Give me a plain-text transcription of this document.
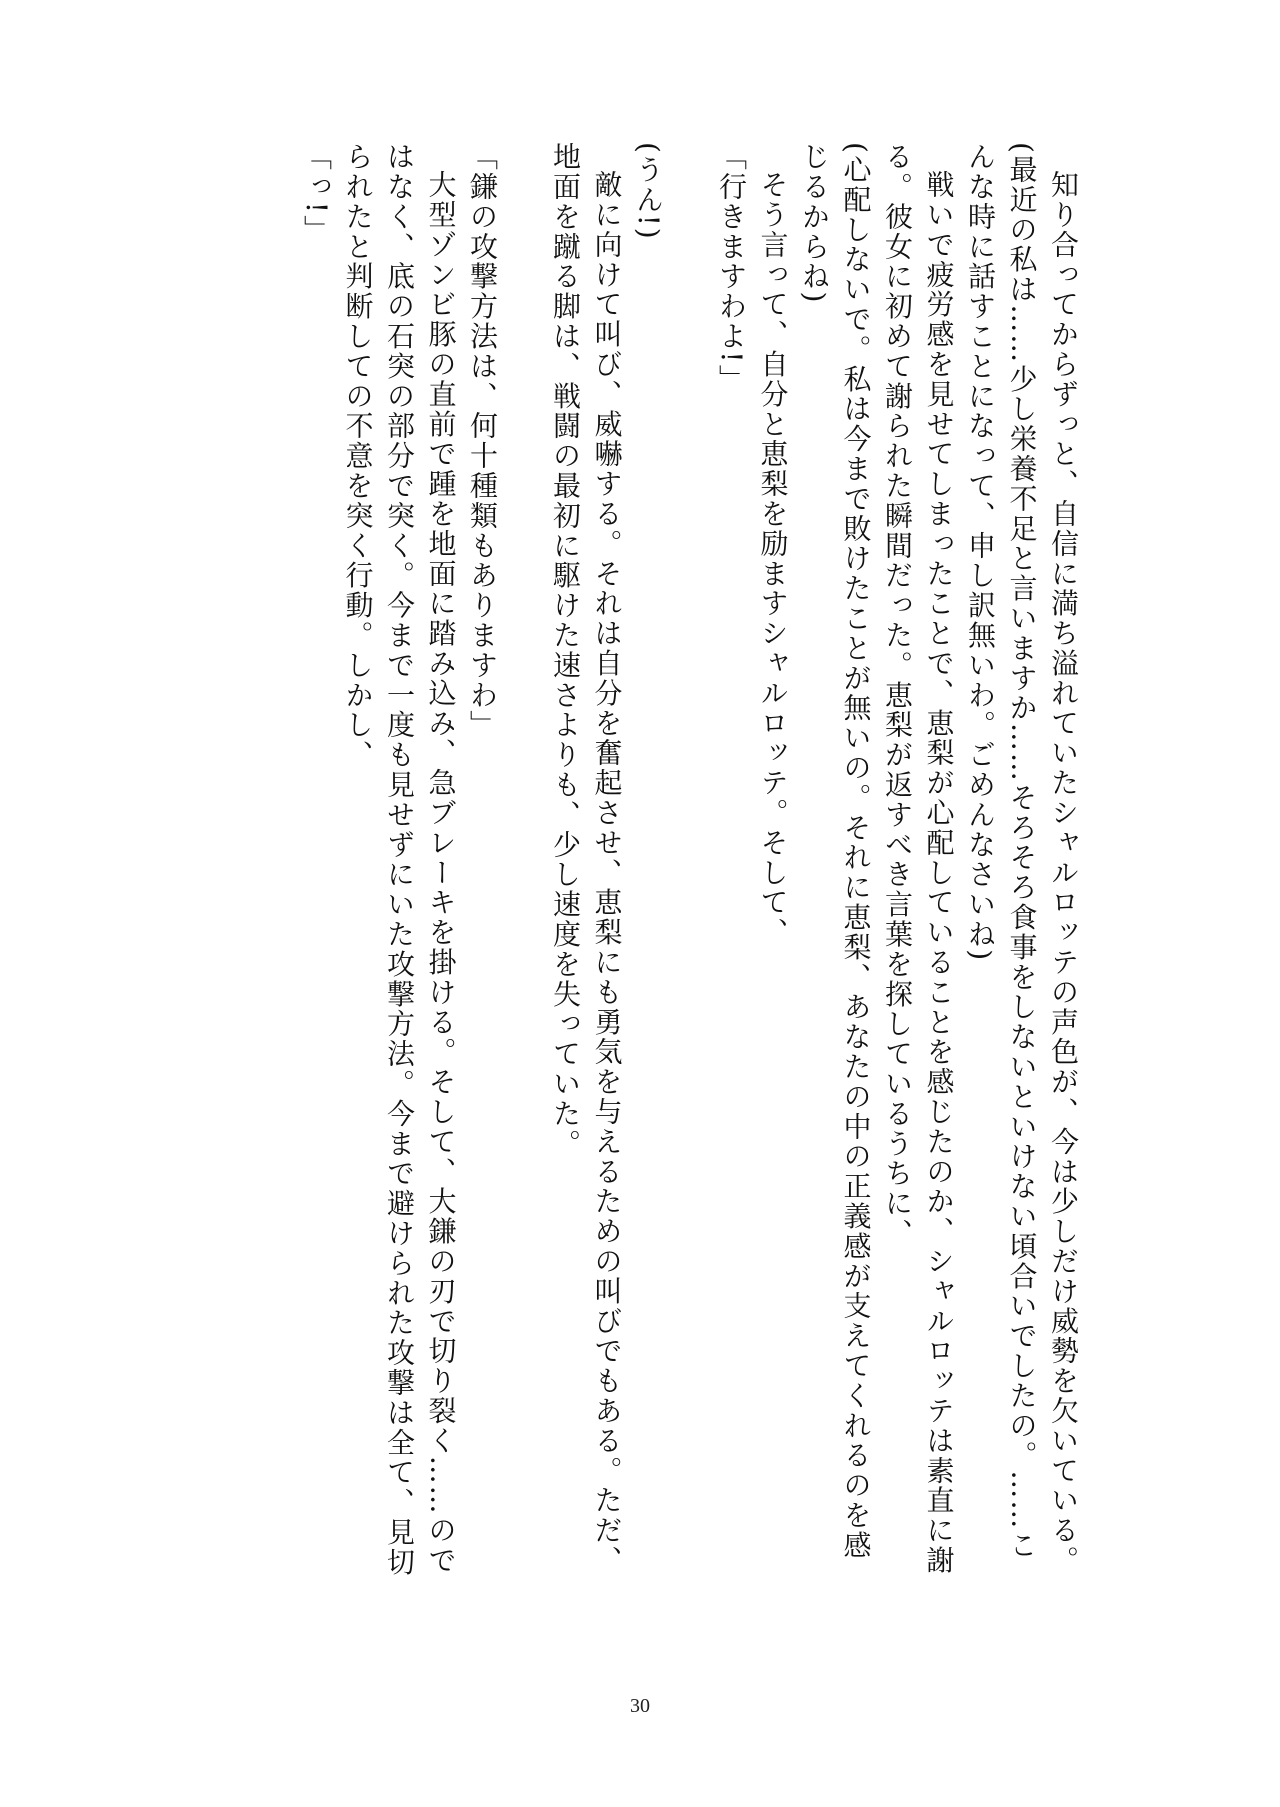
知り合ってからずっと、自信に満ち溢れていたシャルロッテの声色が、今は少しだけ威勢を欠いている。

(最近の私は……少し栄養不足と言いますか……そろそろ食事をしないといけない頃合いでしたの。……こんな時に話すことになって、申し訳無いわ。ごめんなさいね)

戦いで疲労感を見せてしまったことで、恵梨が心配していることを感じたのか、シャルロッテは素直に謝る。彼女に初めて謝られた瞬間だった。恵梨が返すべき言葉を探しているうちに、

(心配しないで。私は今まで敗けたことが無いの。それに恵梨、あなたの中の正義感が支えてくれるのを感じるからね)

そう言って、自分と恵梨を励ますシャルロッテ。そして、

「行きますわよ!」

(うん!)

敵に向けて叫び、威嚇する。それは自分を奮起させ、恵梨にも勇気を与えるための叫びでもある。ただ、地面を蹴る脚は、戦闘の最初に駆けた速さよりも、少し速度を失っていた。

「鎌の攻撃方法は、何十種類もありますわ」

大型ゾンビ豚の直前で踵を地面に踏み込み、急ブレーキを掛ける。そして、大鎌の刃で切り裂く……のではなく、底の石突の部分で突く。今まで一度も見せずにいた攻撃方法。今まで避けられた攻撃は全て、見切られたと判断しての不意を突く行動。しかし、

「っ!」

30
